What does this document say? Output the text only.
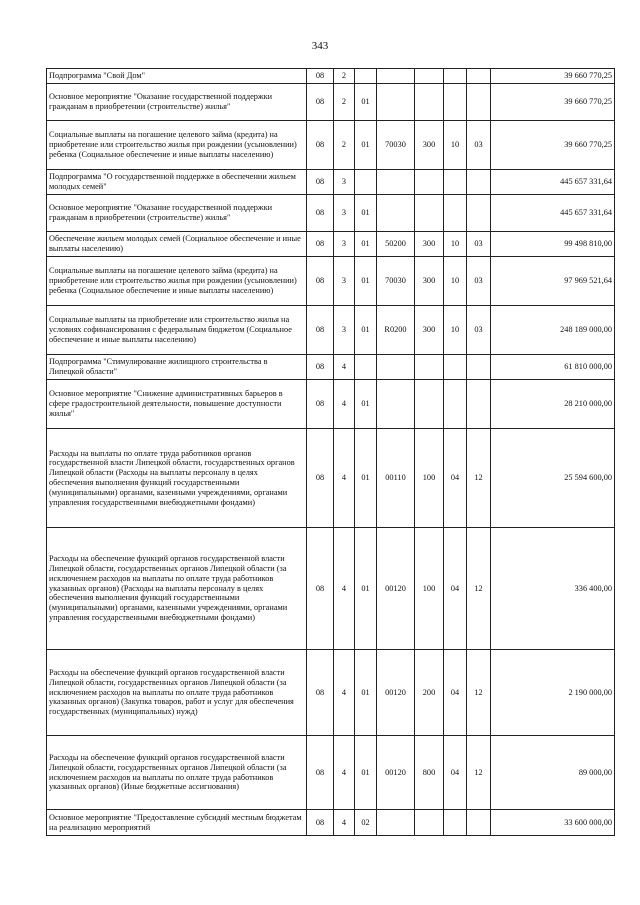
343
Подпрограмма "Свой Дом"	08	2						39 660 770,25
Основное мероприятие "Оказание государственной поддержки гражданам в приобретении (строительстве) жилья"	08	2	01					39 660 770,25
Социальные выплаты на погашение целевого займа (кредита) на приобретение или строительство жилья при рождении (усыновлении) ребенка (Социальное обеспечение и иные выплаты населению)	08	2	01	70030	300	10	03	39 660 770,25
Подпрограмма "О государственной поддержке в обеспечении жильем молодых семей"	08	3						445 657 331,64
Основное мероприятие "Оказание государственной поддержки гражданам в приобретении (строительстве) жилья"	08	3	01					445 657 331,64
Обеспечение жильем молодых семей (Социальное обеспечение и иные выплаты населению)	08	3	01	50200	300	10	03	99 498 810,00
Социальные выплаты на погашение целевого займа (кредита) на приобретение или строительство жилья при рождении (усыновлении) ребенка (Социальное обеспечение и иные выплаты населению)	08	3	01	70030	300	10	03	97 969 521,64
Социальные выплаты на приобретение или строительство жилья на условиях софинансирования с федеральным бюджетом (Социальное обеспечение и иные выплаты населению)	08	3	01	R0200	300	10	03	248 189 000,00
Подпрограмма "Стимулирование жилищного строительства в Липецкой области"	08	4						61 810 000,00
Основное мероприятие "Снижение административных барьеров в сфере градостроительной деятельности, повышение доступности жилья"	08	4	01					28 210 000,00
Расходы на выплаты по оплате труда работников органов государственной власти Липецкой области, государственных органов Липецкой области (Расходы на выплаты персоналу в целях обеспечения выполнения функций государственными (муниципальными) органами, казенными учреждениями, органами управления государственными внебюджетными фондами)	08	4	01	00110	100	04	12	25 594 600,00
Расходы на обеспечение функций органов государственной власти Липецкой области, государственных органов Липецкой области (за исключением расходов на выплаты по оплате труда работников указанных органов) (Расходы на выплаты персоналу в целях обеспечения выполнения функций государственными (муниципальными) органами, казенными учреждениями, органами управления государственными внебюджетными фондами)	08	4	01	00120	100	04	12	336 400,00
Расходы на обеспечение функций органов государственной власти Липецкой области, государственных органов Липецкой области (за исключением расходов на выплаты по оплате труда работников указанных органов) (Закупка товаров, работ и услуг для обеспечения государственных (муниципальных) нужд)	08	4	01	00120	200	04	12	2 190 000,00
Расходы на обеспечение функций органов государственной власти Липецкой области, государственных органов Липецкой области (за исключением расходов на выплаты по оплате труда работников указанных органов) (Иные бюджетные ассигнования)	08	4	01	00120	800	04	12	89 000,00
Основное мероприятие "Предоставление субсидий местным бюджетам на реализацию мероприятий	08	4	02					33 600 000,00
